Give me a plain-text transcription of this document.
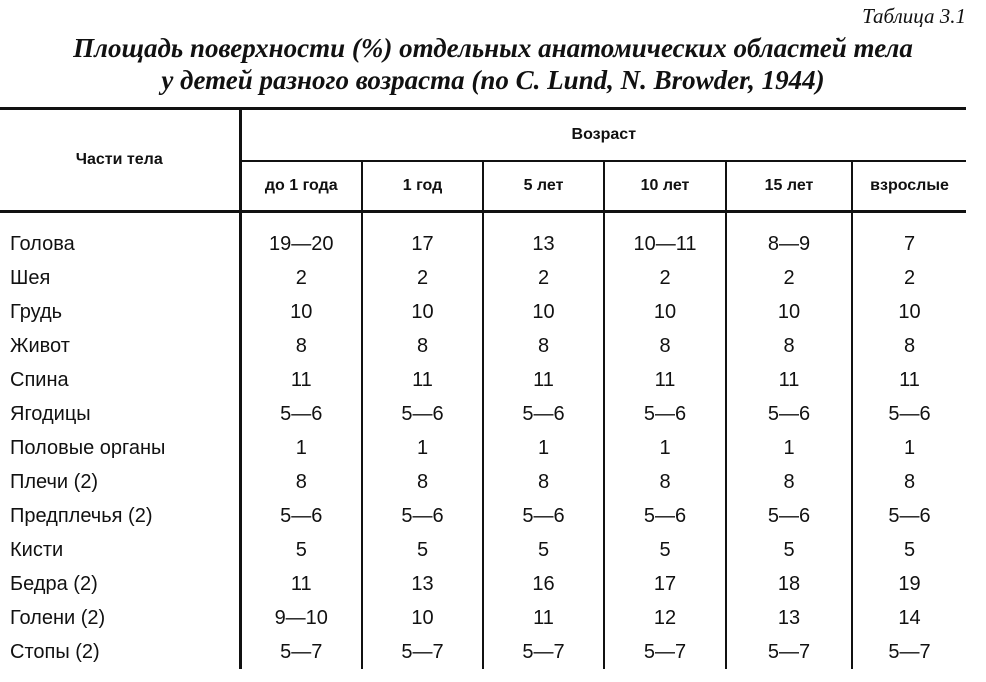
Таблица 3.1
Площадь поверхности (%) отдельных анатомических областей тела
у детей разного возраста (по C. Lund, N. Browder, 1944)
Части тела	Возраст					
	до 1 года	1 год	5 лет	10 лет	15 лет	взрослые
Голова	19—20	17	13	10—11	8—9	7
Шея	2	2	2	2	2	2
Грудь	10	10	10	10	10	10
Живот	8	8	8	8	8	8
Спина	11	11	11	11	11	11
Ягодицы	5—6	5—6	5—6	5—6	5—6	5—6
Половые органы	1	1	1	1	1	1
Плечи (2)	8	8	8	8	8	8
Предплечья (2)	5—6	5—6	5—6	5—6	5—6	5—6
Кисти	5	5	5	5	5	5
Бедра (2)	11	13	16	17	18	19
Голени (2)	9—10	10	11	12	13	14
Стопы (2)	5—7	5—7	5—7	5—7	5—7	5—7
